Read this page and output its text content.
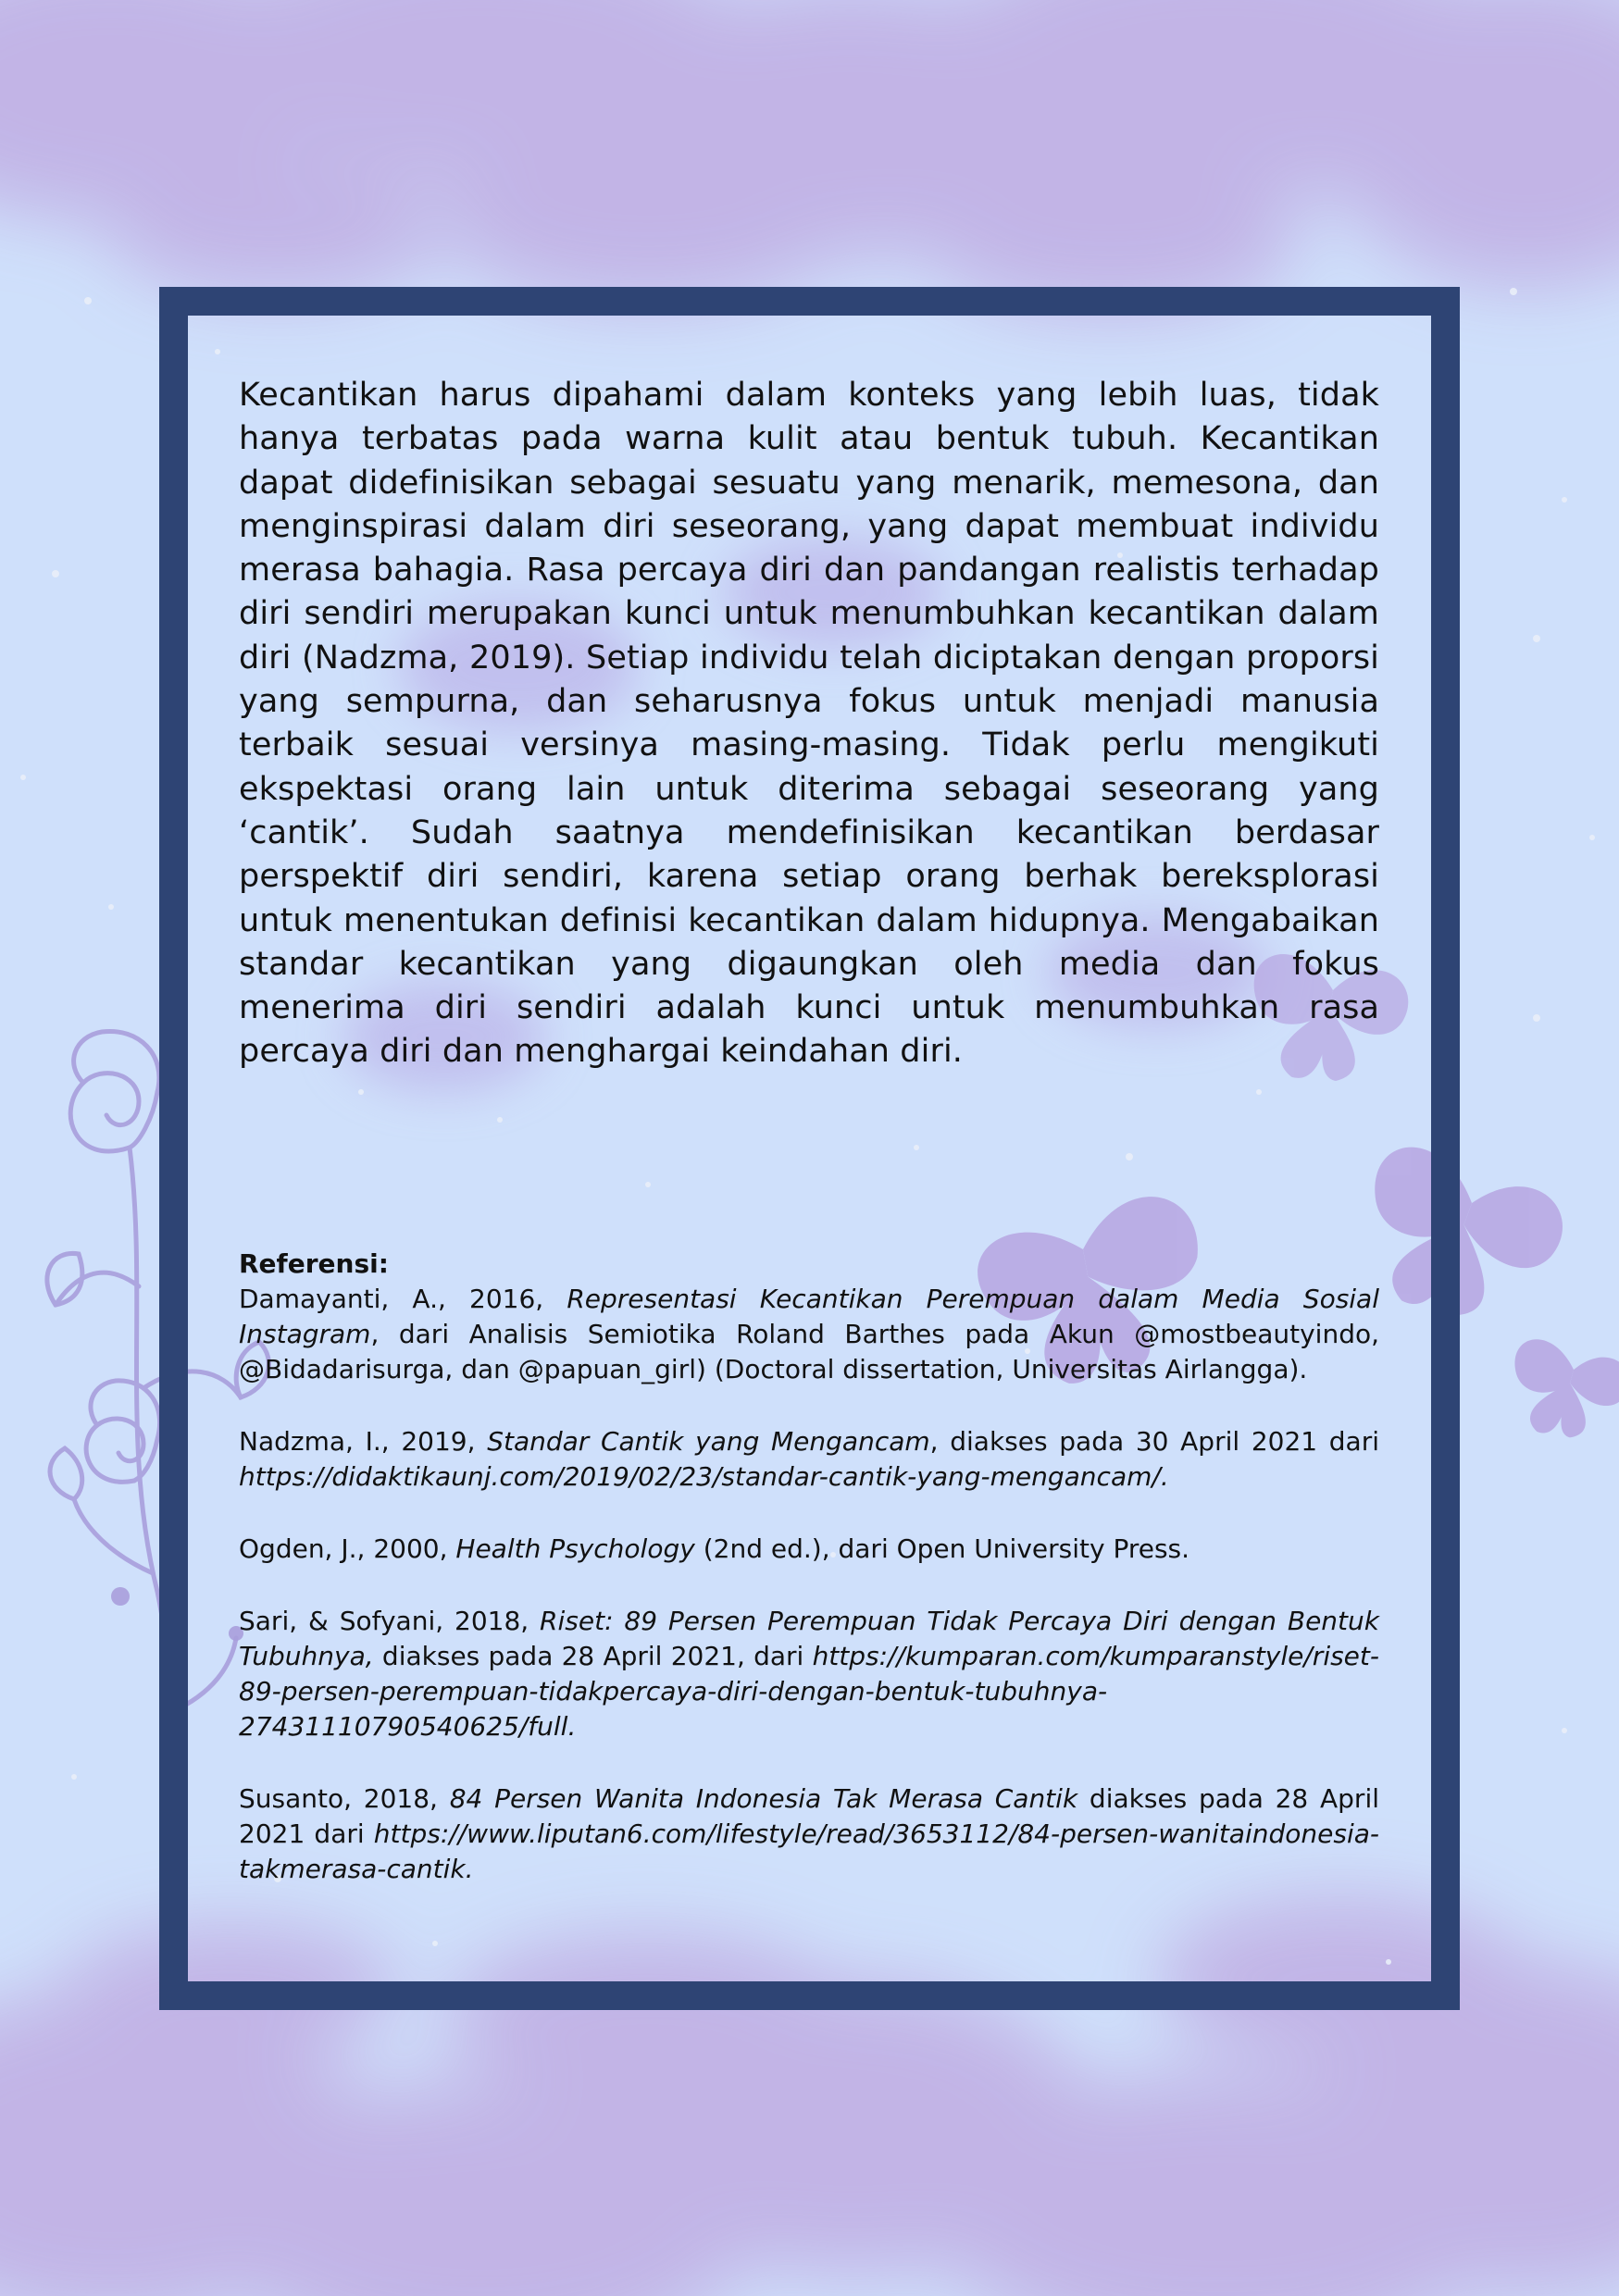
Kecantikan harus dipahami dalam konteks yang lebih luas, tidak hanya terbatas pada warna kulit atau bentuk tubuh. Kecantikan dapat didefinisikan sebagai sesuatu yang menarik, memesona, dan menginspirasi dalam diri seseorang, yang dapat membuat individu merasa bahagia. Rasa percaya diri dan pandangan realistis terhadap diri sendiri merupakan kunci untuk menumbuhkan kecantikan dalam diri (Nadzma, 2019). Setiap individu telah diciptakan dengan proporsi yang sempurna, dan seharusnya fokus untuk menjadi manusia terbaik sesuai versinya masing-masing. Tidak perlu mengikuti ekspektasi orang lain untuk diterima sebagai seseorang yang ‘cantik’. Sudah saatnya mendefinisikan kecantikan berdasar perspektif diri sendiri, karena setiap orang berhak bereksplorasi untuk menentukan definisi kecantikan dalam hidupnya. Mengabaikan standar kecantikan yang digaungkan oleh media dan fokus menerima diri sendiri adalah kunci untuk menumbuhkan rasa percaya diri dan menghargai keindahan diri.

Referensi:

Damayanti, A., 2016, Representasi Kecantikan Perempuan dalam Media Sosial Instagram, dari Analisis Semiotika Roland Barthes pada Akun @mostbeautyindo, @Bidadarisurga, dan @papuan_girl) (Doctoral dissertation, Universitas Airlangga).

Nadzma, I., 2019, Standar Cantik yang Mengancam, diakses pada 30 April 2021 dari https://didaktikaunj.com/2019/02/23/standar-cantik-yang-mengancam/.

Ogden, J., 2000, Health Psychology (2nd ed.), dari Open University Press.

Sari, & Sofyani, 2018, Riset: 89 Persen Perempuan Tidak Percaya Diri dengan Bentuk Tubuhnya, diakses pada 28 April 2021, dari https://kumparan.com/kumparanstyle/riset-89-persen-perempuan-tidakpercaya-diri-dengan-bentuk-tubuhnya-27431110790540625/full.

Susanto, 2018, 84 Persen Wanita Indonesia Tak Merasa Cantik diakses pada 28 April 2021 dari https://www.liputan6.com/lifestyle/read/3653112/84-persen-wanitaindonesia-takmerasa-cantik.
